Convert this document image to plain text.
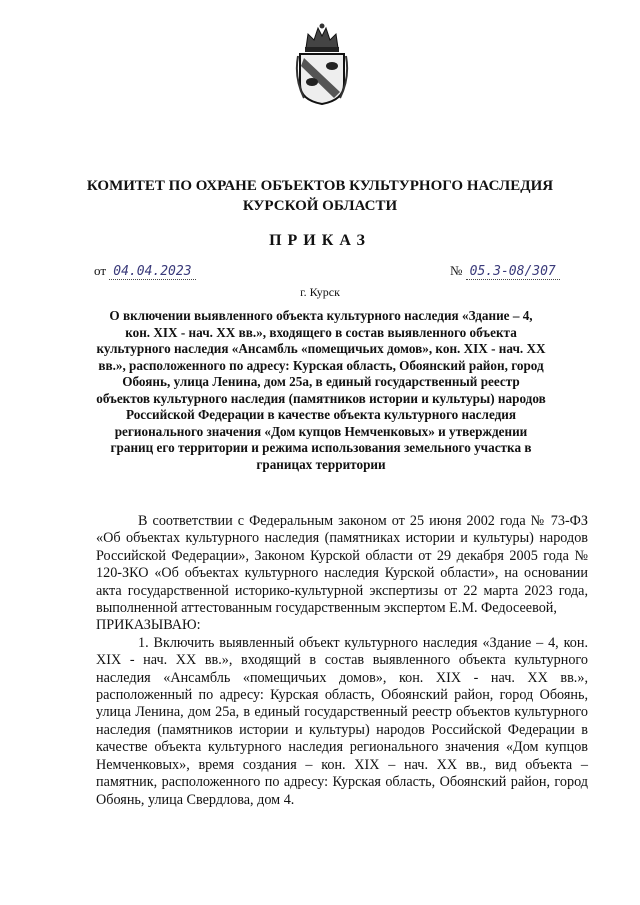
КОМИТЕТ ПО ОХРАНЕ ОБЪЕКТОВ КУЛЬТУРНОГО НАСЛЕДИЯ
КУРСКОЙ ОБЛАСТИ
ПРИКАЗ
от 04.04.2023	№ 05.3-08/307
г. Курск
О включении выявленного объекта культурного наследия «Здание – 4, кон. XIX - нач. XX вв.», входящего в состав выявленного объекта культурного наследия «Ансамбль «помещичьих домов», кон. XIX - нач. XX вв.», расположенного по адресу: Курская область, Обоянский район, город Обоянь, улица Ленина, дом 25а, в единый государственный реестр объектов культурного наследия (памятников истории и культуры) народов Российской Федерации в качестве объекта культурного наследия регионального значения «Дом купцов Немченковых» и утверждении границ его территории и режима использования земельного участка в границах территории

В соответствии с Федеральным законом от 25 июня 2002 года № 73-ФЗ «Об объектах культурного наследия (памятниках истории и культуры) народов Российской Федерации», Законом Курской области от 29 декабря 2005 года № 120-ЗКО «Об объектах культурного наследия Курской области», на основании акта государственной историко-культурной экспертизы от 22 марта 2023 года, выполненной аттестованным государственным экспертом Е.М. Федосеевой,

ПРИКАЗЫВАЮ:

1. Включить выявленный объект культурного наследия «Здание – 4, кон. XIX - нач. XX вв.», входящий в состав выявленного объекта культурного наследия «Ансамбль «помещичьих домов», кон. XIX - нач. XX вв.», расположенный по адресу: Курская область, Обоянский район, город Обоянь, улица Ленина, дом 25а, в единый государственный реестр объектов культурного наследия (памятников истории и культуры) народов Российской Федерации в качестве объекта культурного наследия регионального значения «Дом купцов Немченковых», время создания – кон. XIX – нач. XX вв., вид объекта – памятник, расположенного по адресу: Курская область, Обоянский район, город Обоянь, улица Свердлова, дом 4.
